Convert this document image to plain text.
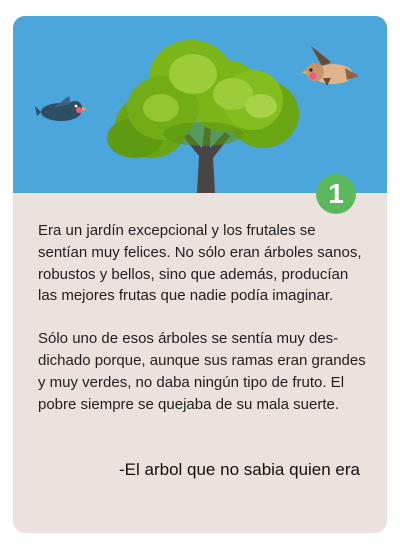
1

Era un jardín excepcional y los frutales se sentían muy felices. No sólo eran árboles sanos, robustos y bellos, sino que además, producían las mejores frutas que nadie podía imaginar.

Sólo uno de esos árboles se sentía muy des-dichado porque, aunque sus ramas eran grandes y muy verdes, no daba ningún tipo de fruto. El pobre siempre se quejaba de su mala suerte.

-El arbol que no sabia quien era
